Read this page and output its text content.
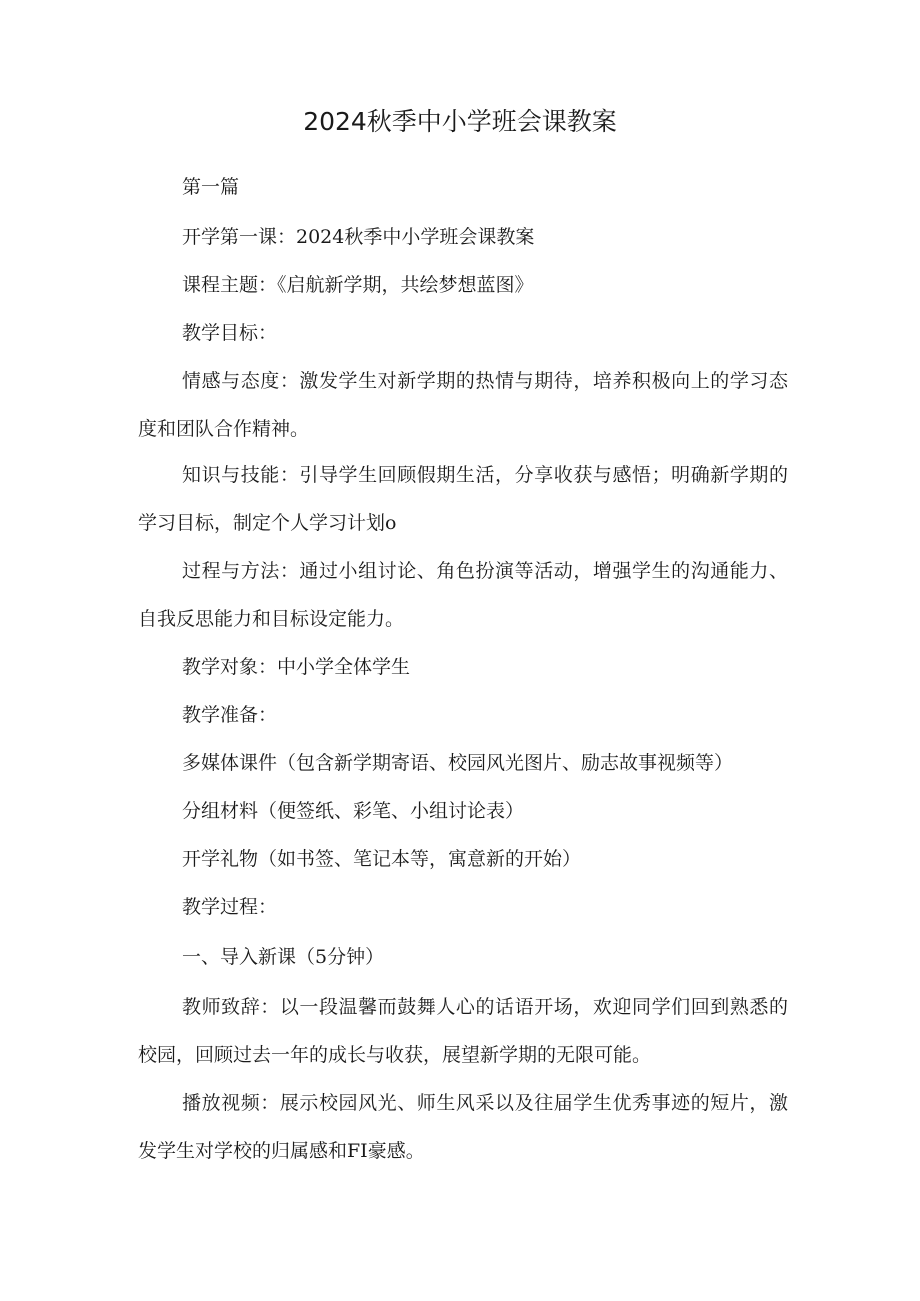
2024秋季中小学班会课教案

第一篇

开学第一课：2024秋季中小学班会课教案

课程主题：《启航新学期，共绘梦想蓝图》

教学目标：

情感与态度：激发学生对新学期的热情与期待，培养积极向上的学习态度和团队合作精神。

知识与技能：引导学生回顾假期生活，分享收获与感悟；明确新学期的学习目标，制定个人学习计划o

过程与方法：通过小组讨论、角色扮演等活动，增强学生的沟通能力、自我反思能力和目标设定能力。

教学对象：中小学全体学生

教学准备：

多媒体课件（包含新学期寄语、校园风光图片、励志故事视频等）

分组材料（便签纸、彩笔、小组讨论表）

开学礼物（如书签、笔记本等，寓意新的开始）

教学过程：

一、导入新课（5分钟）

教师致辞：以一段温馨而鼓舞人心的话语开场，欢迎同学们回到熟悉的校园，回顾过去一年的成长与收获，展望新学期的无限可能。

播放视频：展示校园风光、师生风采以及往届学生优秀事迹的短片，激发学生对学校的归属感和FI豪感。
